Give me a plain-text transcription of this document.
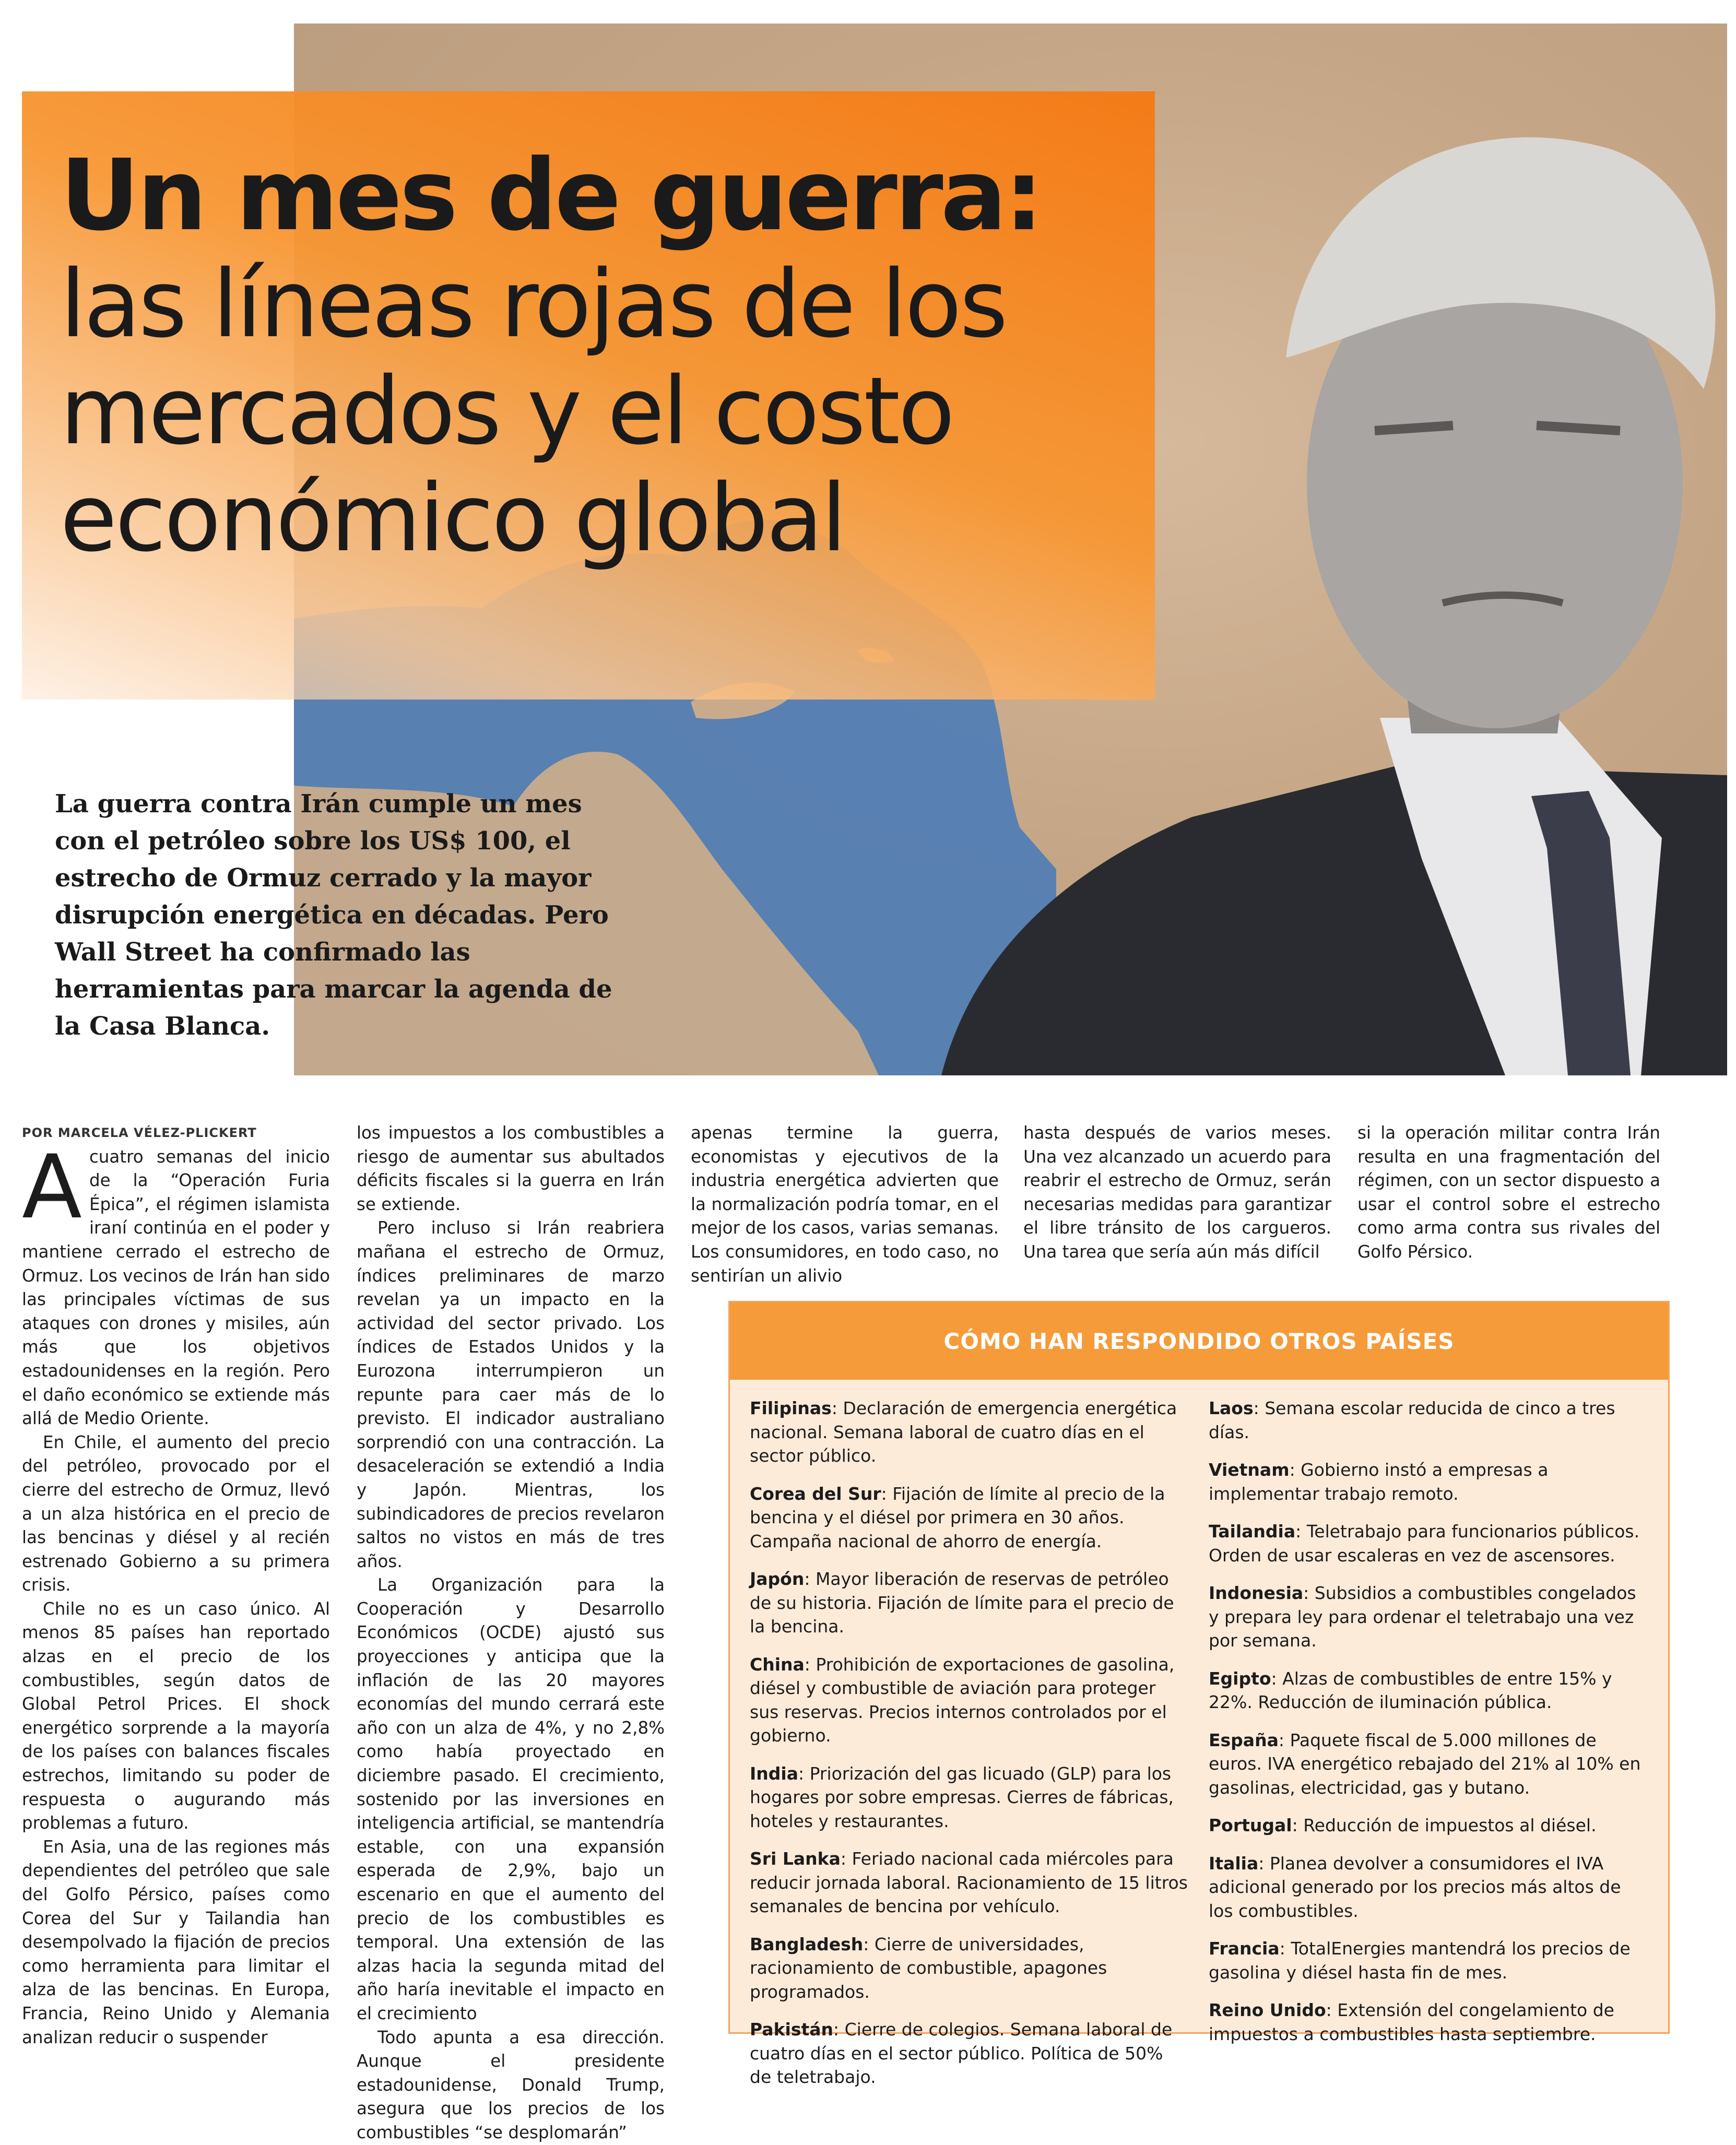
Un mes de guerra:
las líneas rojas de los mercados y el costo económico global

La guerra contra Irán cumple un mes con el petróleo sobre los US$ 100, el estrecho de Ormuz cerrado y la mayor disrupción energética en décadas. Pero Wall Street ha confirmado las herramientas para marcar la agenda de la Casa Blanca.

POR MARCELA VÉLEZ-PLICKERT

Acuatro semanas del inicio de la “Operación Furia Épica”, el régimen islamista iraní continúa en el poder y mantiene cerrado el estrecho de Ormuz. Los vecinos de Irán han sido las principales víctimas de sus ataques con drones y misiles, aún más que los objetivos estadounidenses en la región. Pero el daño económico se extiende más allá de Medio Oriente.

En Chile, el aumento del precio del petróleo, provocado por el cierre del estrecho de Ormuz, llevó a un alza histórica en el precio de las bencinas y diésel y al recién estrenado Gobierno a su primera crisis.

Chile no es un caso único. Al menos 85 países han reportado alzas en el precio de los combustibles, según datos de Global Petrol Prices. El shock energético sorprende a la mayoría de los países con balances fiscales estrechos, limitando su poder de respuesta o augurando más problemas a futuro.

En Asia, una de las regiones más dependientes del petróleo que sale del Golfo Pérsico, países como Corea del Sur y Tailandia han desempolvado la fijación de precios como herramienta para limitar el alza de las bencinas. En Europa, Francia, Reino Unido y Alemania analizan reducir o suspender

los impuestos a los combustibles a riesgo de aumentar sus abultados déficits fiscales si la guerra en Irán se extiende.

Pero incluso si Irán reabriera mañana el estrecho de Ormuz, índices preliminares de marzo revelan ya un impacto en la actividad del sector privado. Los índices de Estados Unidos y la Eurozona interrumpieron un repunte para caer más de lo previsto. El indicador australiano sorprendió con una contracción. La desaceleración se extendió a India y Japón. Mientras, los subindicadores de precios revelaron saltos no vistos en más de tres años.

La Organización para la Cooperación y Desarrollo Económicos (OCDE) ajustó sus proyecciones y anticipa que la inflación de las 20 mayores economías del mundo cerrará este año con un alza de 4%, y no 2,8% como había proyectado en diciembre pasado. El crecimiento, sostenido por las inversiones en inteligencia artificial, se mantendría estable, con una expansión esperada de 2,9%, bajo un escenario en que el aumento del precio de los combustibles es temporal. Una extensión de las alzas hacia la segunda mitad del año haría inevitable el impacto en el crecimiento

Todo apunta a esa dirección. Aunque el presidente estadounidense, Donald Trump, asegura que los precios de los combustibles “se desplomarán”

apenas termine la guerra, economistas y ejecutivos de la industria energética advierten que la normalización podría tomar, en el mejor de los casos, varias semanas. Los consumidores, en todo caso, no sentirían un alivio

hasta después de varios meses. Una vez alcanzado un acuerdo para reabrir el estrecho de Ormuz, serán necesarias medidas para garantizar el libre tránsito de los cargueros. Una tarea que sería aún más difícil

si la operación militar contra Irán resulta en una fragmentación del régimen, con un sector dispuesto a usar el control sobre el estrecho como arma contra sus rivales del Golfo Pérsico.

CÓMO HAN RESPONDIDO OTROS PAÍSES

Filipinas: Declaración de emergencia energética nacional. Semana laboral de cuatro días en el sector público.

Corea del Sur: Fijación de límite al precio de la bencina y el diésel por primera en 30 años. Campaña nacional de ahorro de energía.

Japón: Mayor liberación de reservas de petróleo de su historia. Fijación de límite para el precio de la bencina.

China: Prohibición de exportaciones de gasolina, diésel y combustible de aviación para proteger sus reservas. Precios internos controlados por el gobierno.

India: Priorización del gas licuado (GLP) para los hogares por sobre empresas. Cierres de fábricas, hoteles y restaurantes.

Sri Lanka: Feriado nacional cada miércoles para reducir jornada laboral. Racionamiento de 15 litros semanales de bencina por vehículo.

Bangladesh: Cierre de universidades, racionamiento de combustible, apagones programados.

Pakistán: Cierre de colegios. Semana laboral de cuatro días en el sector público. Política de 50% de teletrabajo.

Laos: Semana escolar reducida de cinco a tres días.

Vietnam: Gobierno instó a empresas a implementar trabajo remoto.

Tailandia: Teletrabajo para funcionarios públicos. Orden de usar escaleras en vez de ascensores.

Indonesia: Subsidios a combustibles congelados y prepara ley para ordenar el teletrabajo una vez por semana.

Egipto: Alzas de combustibles de entre 15% y 22%. Reducción de iluminación pública.

España: Paquete fiscal de 5.000 millones de euros. IVA energético rebajado del 21% al 10% en gasolinas, electricidad, gas y butano.

Portugal: Reducción de impuestos al diésel.

Italia: Planea devolver a consumidores el IVA adicional generado por los precios más altos de los combustibles.

Francia: TotalEnergies mantendrá los precios de gasolina y diésel hasta fin de mes.

Reino Unido: Extensión del congelamiento de impuestos a combustibles hasta septiembre.
